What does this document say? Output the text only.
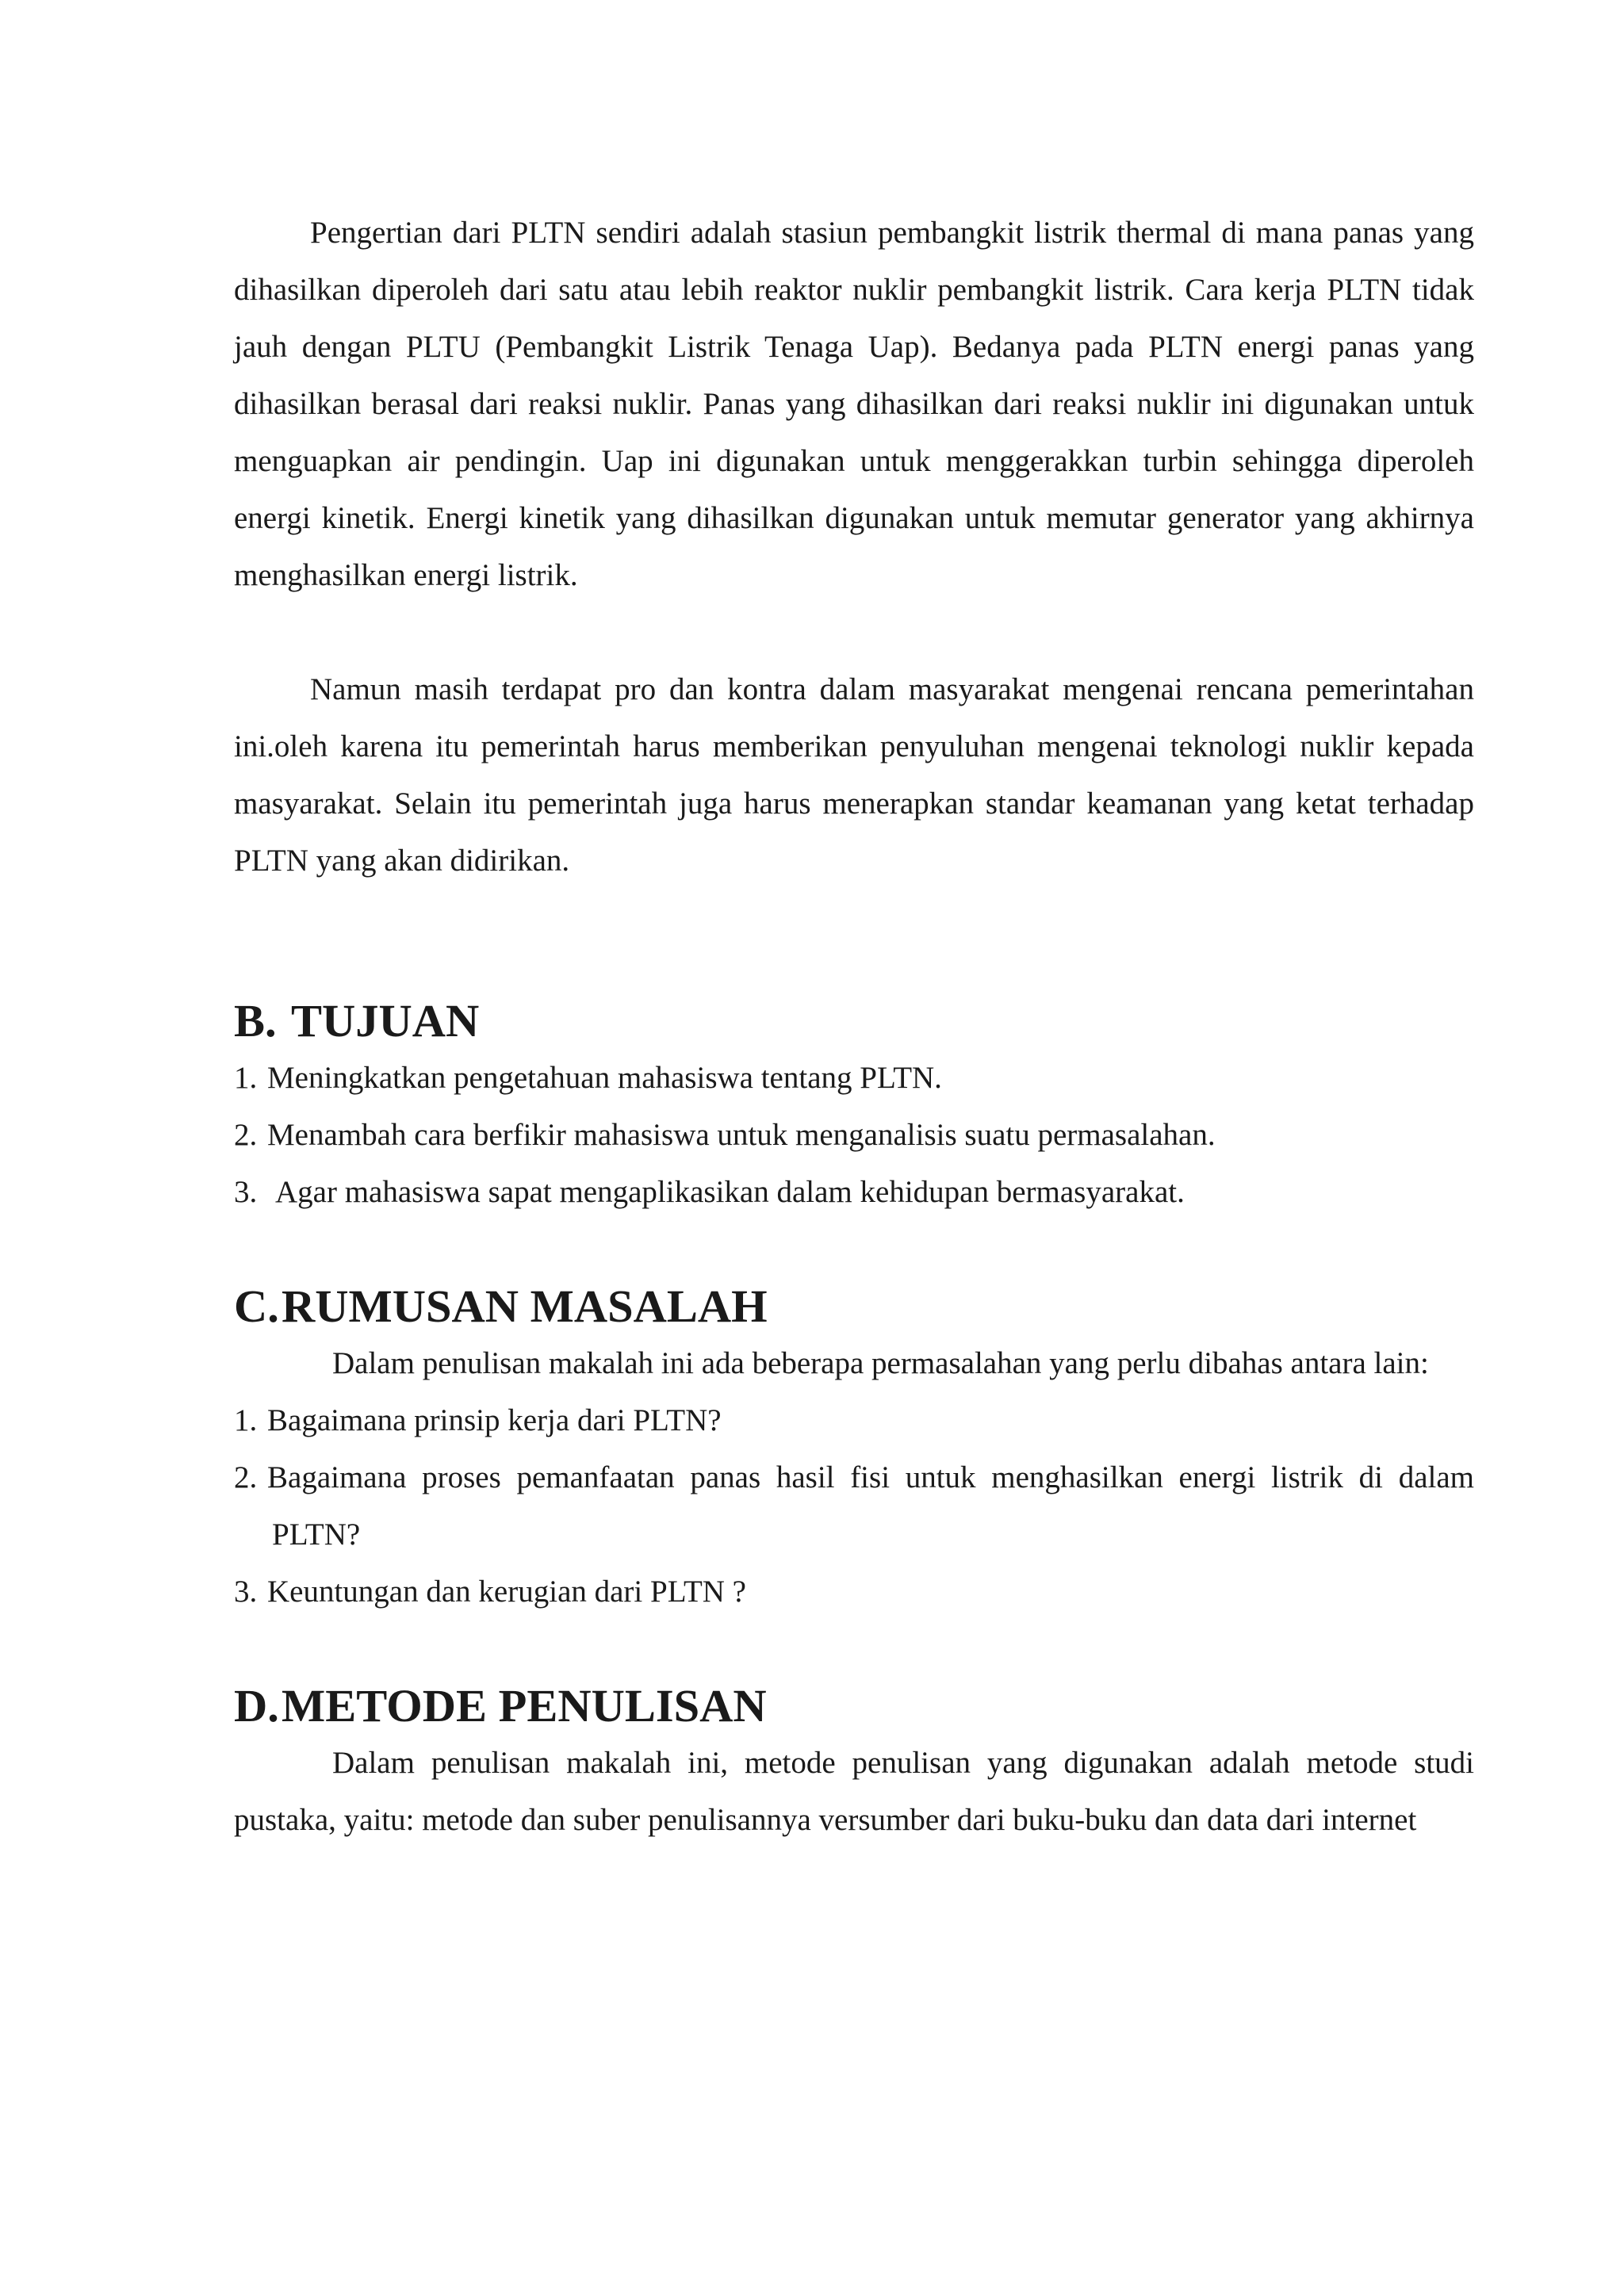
Pengertian dari PLTN sendiri adalah stasiun pembangkit listrik thermal di mana panas yang dihasilkan diperoleh dari satu atau lebih reaktor nuklir pembangkit listrik. Cara kerja PLTN tidak jauh dengan PLTU (Pembangkit Listrik Tenaga Uap). Bedanya pada PLTN energi panas yang dihasilkan berasal dari reaksi nuklir. Panas yang dihasilkan dari reaksi nuklir ini digunakan untuk menguapkan air pendingin. Uap ini digunakan untuk menggerakkan turbin sehingga diperoleh energi kinetik. Energi kinetik yang dihasilkan digunakan untuk memutar generator yang akhirnya menghasilkan energi listrik.

Namun masih terdapat pro dan kontra dalam masyarakat mengenai rencana pemerintahan ini.oleh karena itu pemerintah harus memberikan penyuluhan mengenai teknologi nuklir kepada masyarakat. Selain itu pemerintah juga harus menerapkan standar keamanan yang ketat terhadap PLTN yang akan didirikan.

B. TUJUAN
1. Meningkatkan pengetahuan mahasiswa tentang PLTN.
2. Menambah cara berfikir mahasiswa untuk menganalisis suatu permasalahan.
3. Agar mahasiswa sapat mengaplikasikan dalam kehidupan bermasyarakat.
C.RUMUSAN MASALAH

Dalam penulisan makalah ini ada beberapa permasalahan yang perlu dibahas antara lain:

1. Bagaimana prinsip kerja dari PLTN?
2. Bagaimana proses pemanfaatan panas hasil fisi untuk menghasilkan energi listrik di dalam PLTN?
3. Keuntungan dan kerugian dari PLTN ?
D.METODE PENULISAN

Dalam penulisan makalah ini, metode penulisan yang digunakan adalah metode studi pustaka, yaitu: metode dan suber penulisannya versumber dari buku-buku dan data dari internet
